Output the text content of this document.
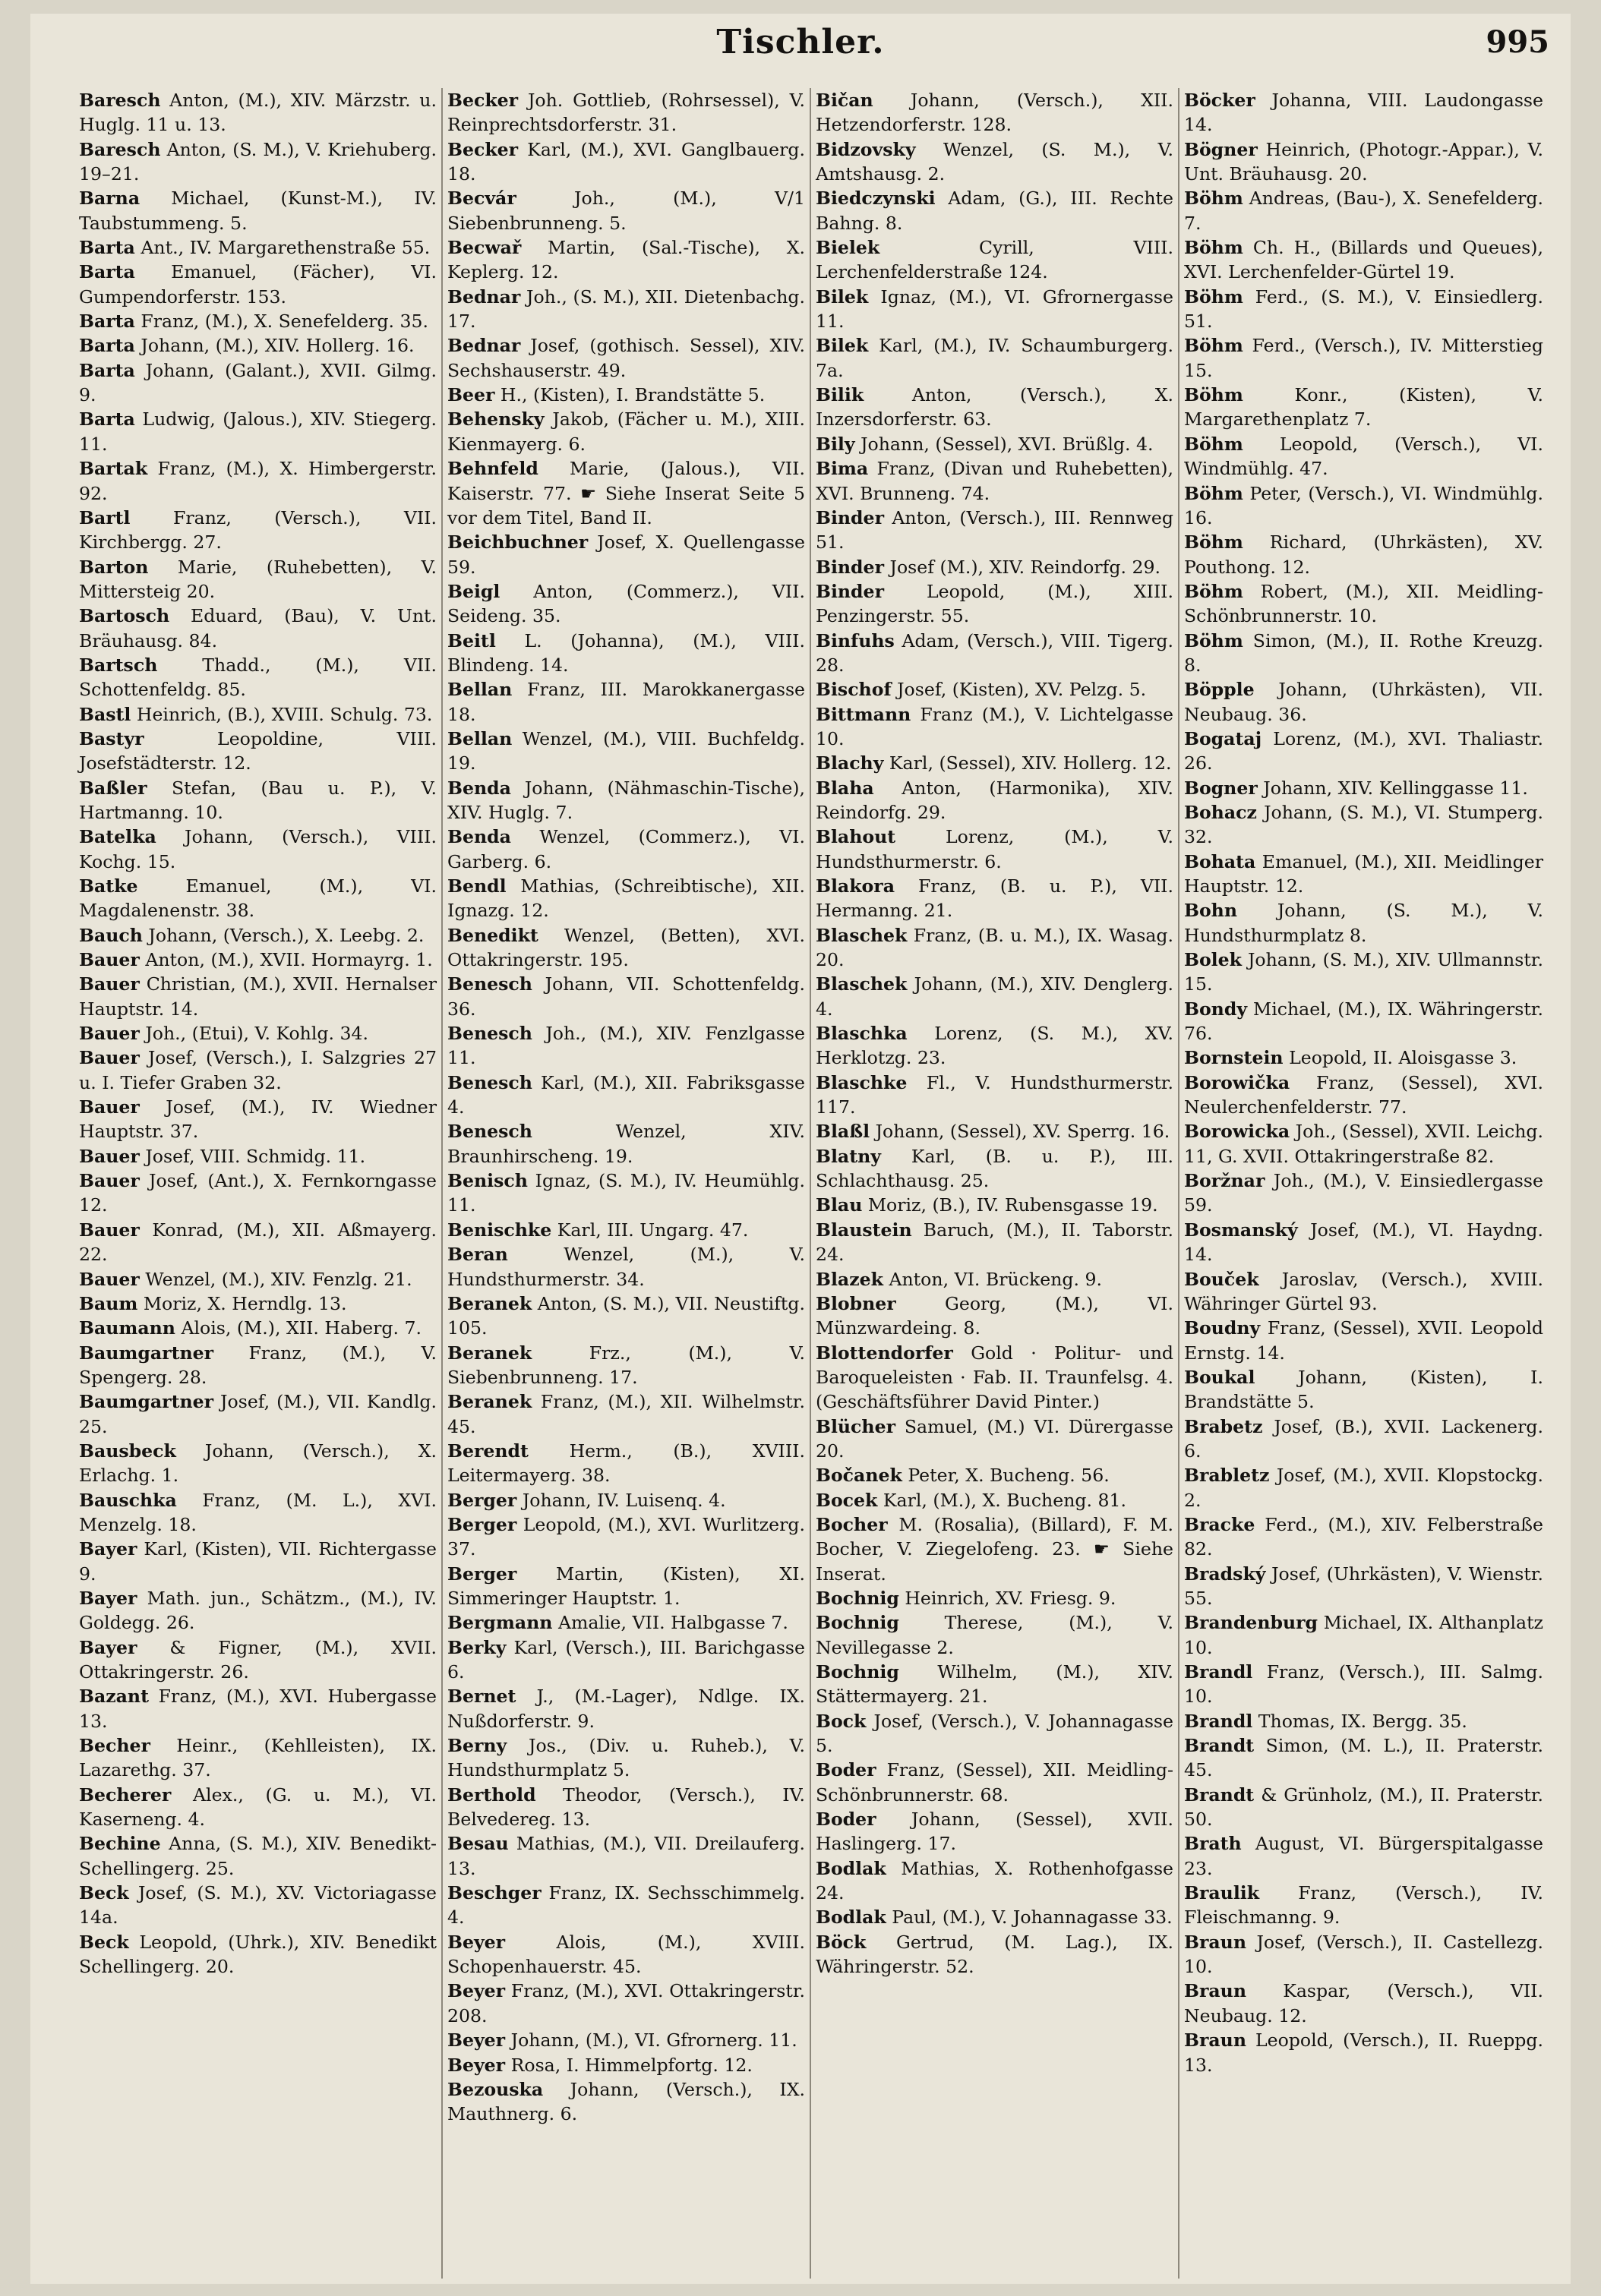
Tischler.	995
Baresch Anton, (M.), XIV. Märzstr. u. Huglg. 11 u. 13.
Baresch Anton, (S. M.), V. Kriehuberg. 19–21.
Barna Michael, (Kunst-M.), IV. Taubstummeng. 5.
Barta Ant., IV. Margarethenstraße 55.
Barta Emanuel, (Fächer), VI. Gumpendorferstr. 153.
Barta Franz, (M.), X. Senefelderg. 35.
Barta Johann, (M.), XIV. Hollerg. 16.
Barta Johann, (Galant.), XVII. Gilmg. 9.
Barta Ludwig, (Jalous.), XIV. Stiegerg. 11.
Bartak Franz, (M.), X. Himbergerstr. 92.
Bartl Franz, (Versch.), VII. Kirchbergg. 27.
Barton Marie, (Ruhebetten), V. Mittersteig 20.
Bartosch Eduard, (Bau), V. Unt. Bräuhausg. 84.
Bartsch Thadd., (M.), VII. Schottenfeldg. 85.
Bastl Heinrich, (B.), XVIII. Schulg. 73.
Bastyr	Leopoldine, VIII. Josefstädterstr. 12.
Baßler Stefan, (Bau u. P.), V. Hartmanng. 10.
Batelka Johann, (Versch.), VIII. Kochg. 15.
Batke	Emanuel, (M.), VI. Magdalenenstr. 38.
Bauch Johann, (Versch.), X. Leebg. 2.
Bauer Anton, (M.), XVII. Hormayrg. 1.
Bauer Christian, (M.), XVII. Hernalser Hauptstr. 14.
Bauer Joh., (Etui), V. Kohlg. 34.
Bauer Josef, (Versch.), I. Salzgries 27 u. I. Tiefer Graben 32.
Bauer Josef, (M.), IV. Wiedner Hauptstr. 37.
Bauer Josef, VIII. Schmidg. 11.
Bauer Josef, (Ant.), X. Fernkorngasse 12.
Bauer Konrad, (M.), XII. Aßmayerg. 22.
Bauer Wenzel, (M.), XIV. Fenzlg. 21.
Baum Moriz, X. Herndlg. 13.
Baumann Alois, (M.), XII. Haberg. 7.
Baumgartner Franz, (M.), V. Spengerg. 28.
Baumgartner Josef, (M.), VII. Kandlg. 25.
Bausbeck Johann, (Versch.), X. Erlachg. 1.
Bauschka Franz, (M. L.), XVI. Menzelg. 18.
Bayer Karl, (Kisten), VII. Richtergasse 9.
Bayer Math. jun., Schätzm., (M.), IV. Goldegg. 26.
Bayer & Figner, (M.), XVII. Ottakringerstr. 26.
Bazant Franz, (M.), XVI. Hubergasse 13.
Becher Heinr., (Kehlleisten), IX. Lazarethg. 37.
Becherer Alex., (G. u. M.), VI. Kaserneng. 4.
Bechine Anna, (S. M.), XIV. Benedikt-Schellingerg. 25.
Beck Josef, (S. M.), XV. Victoriagasse 14a.
Beck Leopold, (Uhrk.), XIV. Benedikt Schellingerg. 20.
Becker Joh. Gottlieb, (Rohrsessel), V. Reinprechtsdorferstr. 31.
Becker Karl, (M.), XVI. Ganglbauerg. 18.
Becvár	Joh., (M.), V/1 Siebenbrunneng. 5.
Becwař Martin, (Sal.-Tische), X. Keplerg. 12.
Bednar Joh., (S. M.), XII. Dietenbachg. 17.
Bednar Josef, (gothisch. Sessel), XIV. Sechshauserstr. 49.
Beer H., (Kisten), I. Brandstätte 5.
Behensky Jakob, (Fächer u. M.), XIII. Kienmayerg. 6.
Behnfeld Marie, (Jalous.), VII. Kaiserstr. 77. ☛ Siehe Inserat Seite 5 vor dem Titel, Band II.
Beichbuchner Josef, X. Quellengasse 59.
Beigl Anton, (Commerz.), VII. Seideng. 35.
Beitl L. (Johanna), (M.), VIII. Blindeng. 14.
Bellan Franz, III. Marokkanergasse 18.
Bellan Wenzel, (M.), VIII. Buchfeldg. 19.
Benda Johann, (Nähmaschin-Tische), XIV. Huglg. 7.
Benda Wenzel, (Commerz.), VI. Garberg. 6.
Bendl Mathias, (Schreibtische), XII. Ignazg. 12.
Benedikt Wenzel, (Betten), XVI. Ottakringerstr. 195.
Benesch Johann, VII. Schottenfeldg. 36.
Benesch Joh., (M.), XIV. Fenzlgasse 11.
Benesch Karl, (M.), XII. Fabriksgasse 4.
Benesch	Wenzel, XIV. Braunhirscheng. 19.
Benisch Ignaz, (S. M.), IV. Heumühlg. 11.
Benischke Karl, III. Ungarg. 47.
Beran	Wenzel, (M.), V. Hundsthurmerstr. 34.
Beranek Anton, (S. M.), VII. Neustiftg. 105.
Beranek	Frz., (M.), V. Siebenbrunneng. 17.
Beranek Franz, (M.), XII. Wilhelmstr. 45.
Berendt Herm., (B.), XVIII. Leitermayerg. 38.
Berger Johann, IV. Luisenq. 4.
Berger Leopold, (M.), XVI. Wurlitzerg. 37.
Berger Martin, (Kisten), XI. Simmeringer Hauptstr. 1.
Bergmann Amalie, VII. Halbgasse 7.
Berky Karl, (Versch.), III. Barichgasse 6.
Bernet J., (M.-Lager), Ndlge. IX. Nußdorferstr. 9.
Berny Jos., (Div. u. Ruheb.), V. Hundsthurmplatz 5.
Berthold Theodor, (Versch.), IV. Belvedereg. 13.
Besau Mathias, (M.), VII. Dreilauferg. 13.
Beschger Franz, IX. Sechsschimmelg. 4.
Beyer	Alois, (M.), XVIII. Schopenhauerstr. 45.
Beyer Franz, (M.), XVI. Ottakringerstr. 208.
Beyer Johann, (M.), VI. Gfrornerg. 11.
Beyer Rosa, I. Himmelpfortg. 12.
Bezouska Johann, (Versch.), IX. Mauthnerg. 6.
Bičan Johann, (Versch.), XII. Hetzendorferstr. 128.
Bidzovsky Wenzel, (S. M.), V. Amtshausg. 2.
Biedczynski Adam, (G.), III. Rechte Bahng. 8.
Bielek	Cyrill, VIII. Lerchenfelderstraße 124.
Bilek Ignaz, (M.), VI. Gfrornergasse 11.
Bilek Karl, (M.), IV. Schaumburgerg. 7a.
Bilik	Anton, (Versch.), X. Inzersdorferstr. 63.
Bily Johann, (Sessel), XVI. Brüßlg. 4.
Bima Franz, (Divan und Ruhebetten), XVI. Brunneng. 74.
Binder Anton, (Versch.), III. Rennweg 51.
Binder Josef (M.), XIV. Reindorfg. 29.
Binder Leopold, (M.), XIII. Penzingerstr. 55.
Binfuhs Adam, (Versch.), VIII. Tigerg. 28.
Bischof Josef, (Kisten), XV. Pelzg. 5.
Bittmann Franz (M.), V. Lichtelgasse 10.
Blachy Karl, (Sessel), XIV. Hollerg. 12.
Blaha Anton, (Harmonika), XIV. Reindorfg. 29.
Blahout	Lorenz, (M.), V. Hundsthurmerstr. 6.
Blakora Franz, (B. u. P.), VII. Hermanng. 21.
Blaschek Franz, (B. u. M.), IX. Wasag. 20.
Blaschek Johann, (M.), XIV. Denglerg. 4.
Blaschka Lorenz, (S. M.), XV. Herklotzg. 23.
Blaschke Fl., V. Hundsthurmerstr. 117.
Blaßl Johann, (Sessel), XV. Sperrg. 16.
Blatny Karl, (B. u. P.), III. Schlachthausg. 25.
Blau Moriz, (B.), IV. Rubensgasse 19.
Blaustein Baruch, (M.), II. Taborstr. 24.
Blazek Anton, VI. Brückeng. 9.
Blobner	Georg, (M.), VI. Münzwardeing. 8.
Blottendorfer Gold · Politur- und Baroqueleisten · Fab. II. Traunfelsg. 4. (Geschäftsführer David Pinter.)
Blücher Samuel, (M.) VI. Dürergasse 20.
Bočanek Peter, X. Bucheng. 56.
Bocek Karl, (M.), X. Bucheng. 81.
Bocher M. (Rosalia), (Billard), F. M. Bocher, V. Ziegelofeng. 23. ☛ Siehe Inserat.
Bochnig Heinrich, XV. Friesg. 9.
Bochnig	Therese, (M.), V. Nevillegasse 2.
Bochnig Wilhelm, (M.), XIV. Stättermayerg. 21.
Bock Josef, (Versch.), V. Johannagasse 5.
Boder Franz, (Sessel), XII. Meidling-Schönbrunnerstr. 68.
Boder Johann, (Sessel), XVII. Haslingerg. 17.
Bodlak Mathias, X. Rothenhofgasse 24.
Bodlak Paul, (M.), V. Johannagasse 33.
Böck Gertrud, (M. Lag.), IX. Währingerstr. 52.
Böcker Johanna, VIII. Laudongasse 14.
Bögner Heinrich, (Photogr.-Appar.), V. Unt. Bräuhausg. 20.
Böhm Andreas, (Bau-), X. Senefelderg. 7.
Böhm Ch. H., (Billards und Queues), XVI. Lerchenfelder-Gürtel 19.
Böhm Ferd., (S. M.), V. Einsiedlerg. 51.
Böhm Ferd., (Versch.), IV. Mitterstieg 15.
Böhm	Konr., (Kisten), V. Margarethenplatz 7.
Böhm Leopold, (Versch.), VI. Windmühlg. 47.
Böhm Peter, (Versch.), VI. Windmühlg. 16.
Böhm Richard, (Uhrkästen), XV. Pouthong. 12.
Böhm Robert, (M.), XII. Meidling-Schönbrunnerstr. 10.
Böhm Simon, (M.), II. Rothe Kreuzg. 8.
Böpple Johann, (Uhrkästen), VII. Neubaug. 36.
Bogataj Lorenz, (M.), XVI. Thaliastr. 26.
Bogner Johann, XIV. Kellinggasse 11.
Bohacz Johann, (S. M.), VI. Stumperg. 32.
Bohata Emanuel, (M.), XII. Meidlinger Hauptstr. 12.
Bohn Johann, (S. M.), V. Hundsthurmplatz 8.
Bolek Johann, (S. M.), XIV. Ullmannstr. 15.
Bondy Michael, (M.), IX. Währingerstr. 76.
Bornstein Leopold, II. Aloisgasse 3.
Borowička Franz, (Sessel), XVI. Neulerchenfelderstr. 77.
Borowicka Joh., (Sessel), XVII. Leichg. 11, G. XVII. Ottakringerstraße 82.
Boržnar Joh., (M.), V. Einsiedlergasse 59.
Bosmanský Josef, (M.), VI. Haydng. 14.
Bouček Jaroslav, (Versch.), XVIII. Währinger Gürtel 93.
Boudny Franz, (Sessel), XVII. Leopold Ernstg. 14.
Boukal Johann, (Kisten), I. Brandstätte 5.
Brabetz Josef, (B.), XVII. Lackenerg. 6.
Brabletz Josef, (M.), XVII. Klopstockg. 2.
Bracke Ferd., (M.), XIV. Felberstraße 82.
Bradský Josef, (Uhrkästen), V. Wienstr. 55.
Brandenburg Michael, IX. Althanplatz 10.
Brandl Franz, (Versch.), III. Salmg. 10.
Brandl Thomas, IX. Bergg. 35.
Brandt Simon, (M. L.), II. Praterstr. 45.
Brandt & Grünholz, (M.), II. Praterstr. 50.
Brath August, VI. Bürgerspitalgasse 23.
Braulik Franz, (Versch.), IV. Fleischmanng. 9.
Braun Josef, (Versch.), II. Castellezg. 10.
Braun Kaspar, (Versch.), VII. Neubaug. 12.
Braun Leopold, (Versch.), II. Rueppg. 13.
